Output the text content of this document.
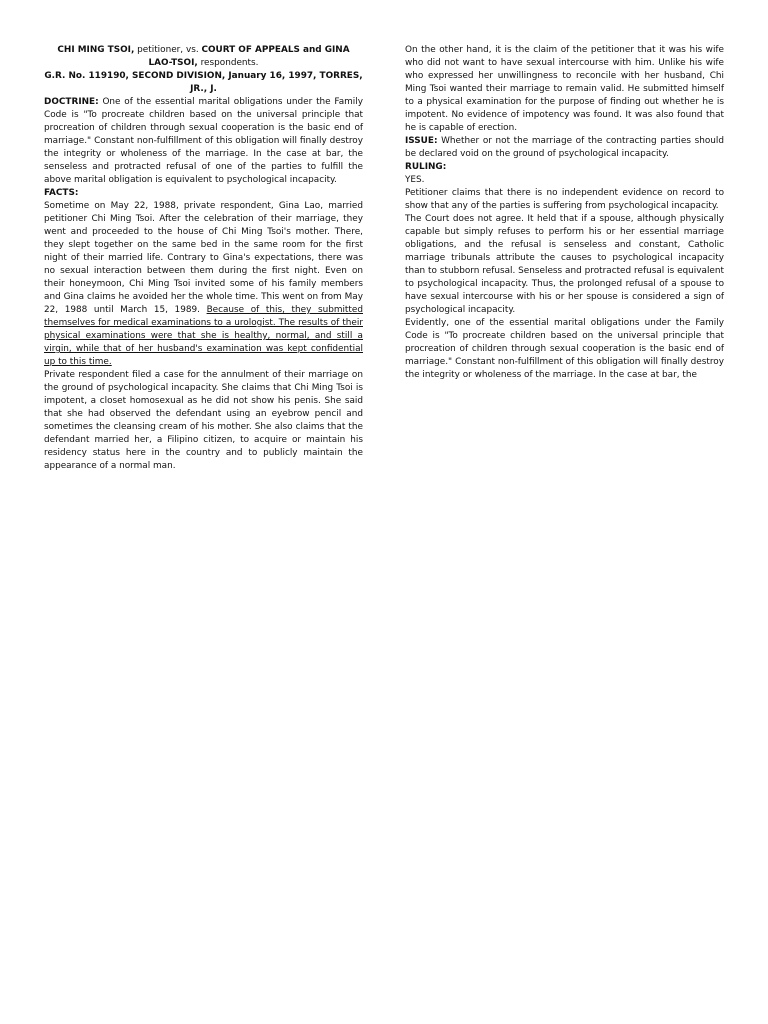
CHI MING TSOI, petitioner, vs. COURT OF APPEALS and GINA LAO-TSOI, respondents.

G.R. No. 119190, SECOND DIVISION, January 16, 1997, TORRES, JR., J.

DOCTRINE: One of the essential marital obligations under the Family Code is "To procreate children based on the universal principle that procreation of children through sexual cooperation is the basic end of marriage." Constant non-fulfillment of this obligation will finally destroy the integrity or wholeness of the marriage. In the case at bar, the senseless and protracted refusal of one of the parties to fulfill the above marital obligation is equivalent to psychological incapacity.

FACTS:

Sometime on May 22, 1988, private respondent, Gina Lao, married petitioner Chi Ming Tsoi. After the celebration of their marriage, they went and proceeded to the house of Chi Ming Tsoi's mother. There, they slept together on the same bed in the same room for the first night of their married life. Contrary to Gina's expectations, there was no sexual interaction between them during the first night. Even on their honeymoon, Chi Ming Tsoi invited some of his family members and Gina claims he avoided her the whole time. This went on from May 22, 1988 until March 15, 1989. Because of this, they submitted themselves for medical examinations to a urologist. The results of their physical examinations were that she is healthy, normal, and still a virgin, while that of her husband's examination was kept confidential up to this time.

Private respondent filed a case for the annulment of their marriage on the ground of psychological incapacity. She claims that Chi Ming Tsoi is impotent, a closet homosexual as he did not show his penis. She said that she had observed the defendant using an eyebrow pencil and sometimes the cleansing cream of his mother. She also claims that the defendant married her, a Filipino citizen, to acquire or maintain his residency status here in the country and to publicly maintain the appearance of a normal man.

On the other hand, it is the claim of the petitioner that it was his wife who did not want to have sexual intercourse with him. Unlike his wife who expressed her unwillingness to reconcile with her husband, Chi Ming Tsoi wanted their marriage to remain valid. He submitted himself to a physical examination for the purpose of finding out whether he is impotent. No evidence of impotency was found. It was also found that he is capable of erection.

ISSUE: Whether or not the marriage of the contracting parties should be declared void on the ground of psychological incapacity.

RULING:

YES.

Petitioner claims that there is no independent evidence on record to show that any of the parties is suffering from psychological incapacity.

The Court does not agree. It held that if a spouse, although physically capable but simply refuses to perform his or her essential marriage obligations, and the refusal is senseless and constant, Catholic marriage tribunals attribute the causes to psychological incapacity than to stubborn refusal. Senseless and protracted refusal is equivalent to psychological incapacity. Thus, the prolonged refusal of a spouse to have sexual intercourse with his or her spouse is considered a sign of psychological incapacity.

Evidently, one of the essential marital obligations under the Family Code is "To procreate children based on the universal principle that procreation of children through sexual cooperation is the basic end of marriage." Constant non-fulfillment of this obligation will finally destroy the integrity or wholeness of the marriage. In the case at bar, the
